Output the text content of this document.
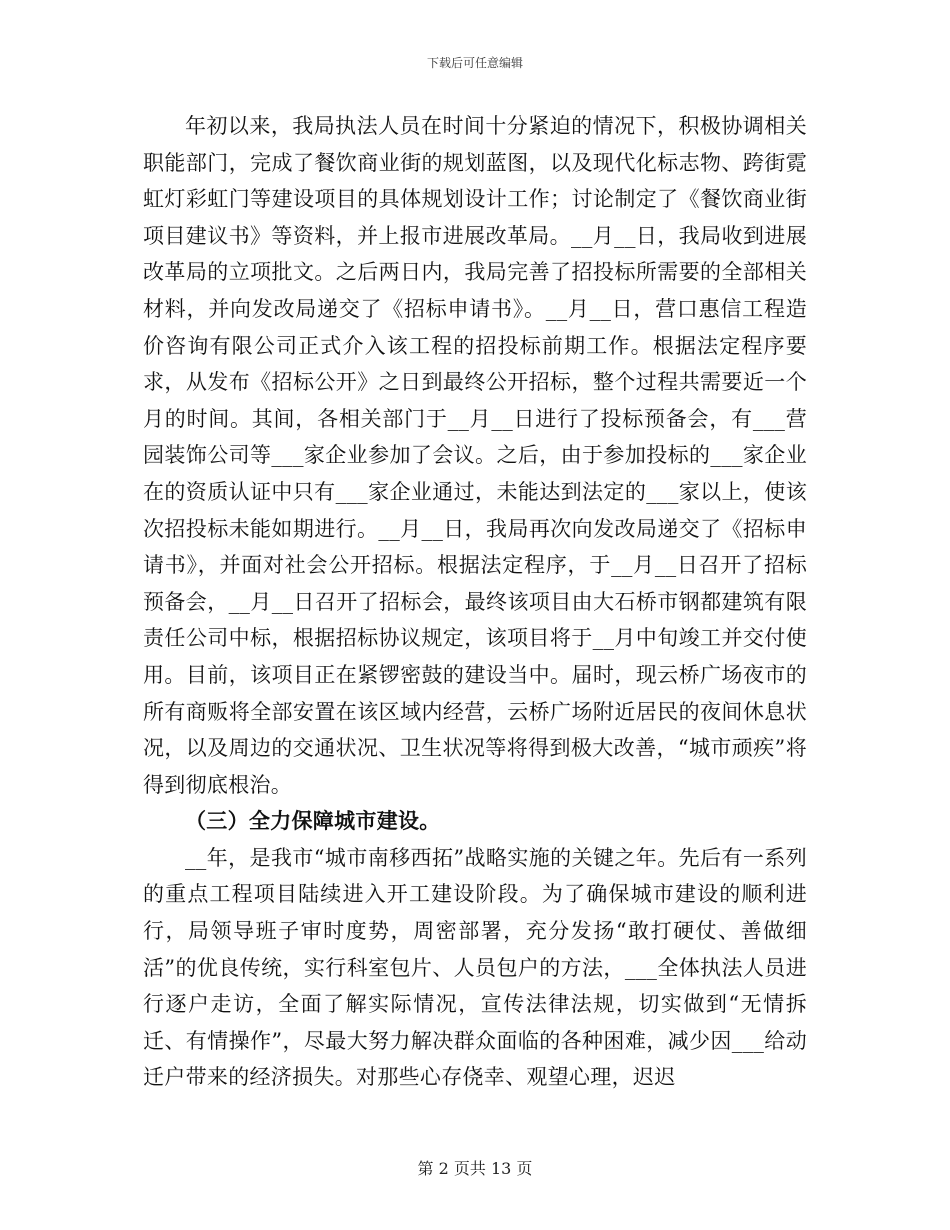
下载后可任意编辑

年初以来，我局执法人员在时间十分紧迫的情况下，积极协调相关职能部门，完成了餐饮商业街的规划蓝图，以及现代化标志物、跨街霓虹灯彩虹门等建设项目的具体规划设计工作；讨论制定了《餐饮商业街项目建议书》等资料，并上报市进展改革局。__月__日，我局收到进展改革局的立项批文。之后两日内，我局完善了招投标所需要的全部相关材料，并向发改局递交了《招标申请书》。__月__日，营口惠信工程造价咨询有限公司正式介入该工程的招投标前期工作。根据法定程序要求，从发布《招标公开》之日到最终公开招标，整个过程共需要近一个月的时间。其间，各相关部门于__月__日进行了投标预备会，有___营园装饰公司等___家企业参加了会议。之后，由于参加投标的___家企业在的资质认证中只有___家企业通过，未能达到法定的___家以上，使该次招投标未能如期进行。__月__日，我局再次向发改局递交了《招标申请书》，并面对社会公开招标。根据法定程序，于__月__日召开了招标预备会，__月__日召开了招标会，最终该项目由大石桥市钢都建筑有限责任公司中标，根据招标协议规定，该项目将于__月中旬竣工并交付使用。目前，该项目正在紧锣密鼓的建设当中。届时，现云桥广场夜市的所有商贩将全部安置在该区域内经营，云桥广场附近居民的夜间休息状况，以及周边的交通状况、卫生状况等将得到极大改善，“城市顽疾”将得到彻底根治。

（三）全力保障城市建设。

__年，是我市“城市南移西拓”战略实施的关键之年。先后有一系列的重点工程项目陆续进入开工建设阶段。为了确保城市建设的顺利进行，局领导班子审时度势，周密部署，充分发扬“敢打硬仗、善做细活”的优良传统，实行科室包片、人员包户的方法，___全体执法人员进行逐户走访，全面了解实际情况，宣传法律法规，切实做到“无情拆迁、有情操作”，尽最大努力解决群众面临的各种困难，减少因___给动迁户带来的经济损失。对那些心存侥幸、观望心理，迟迟

第 2 页共 13 页
